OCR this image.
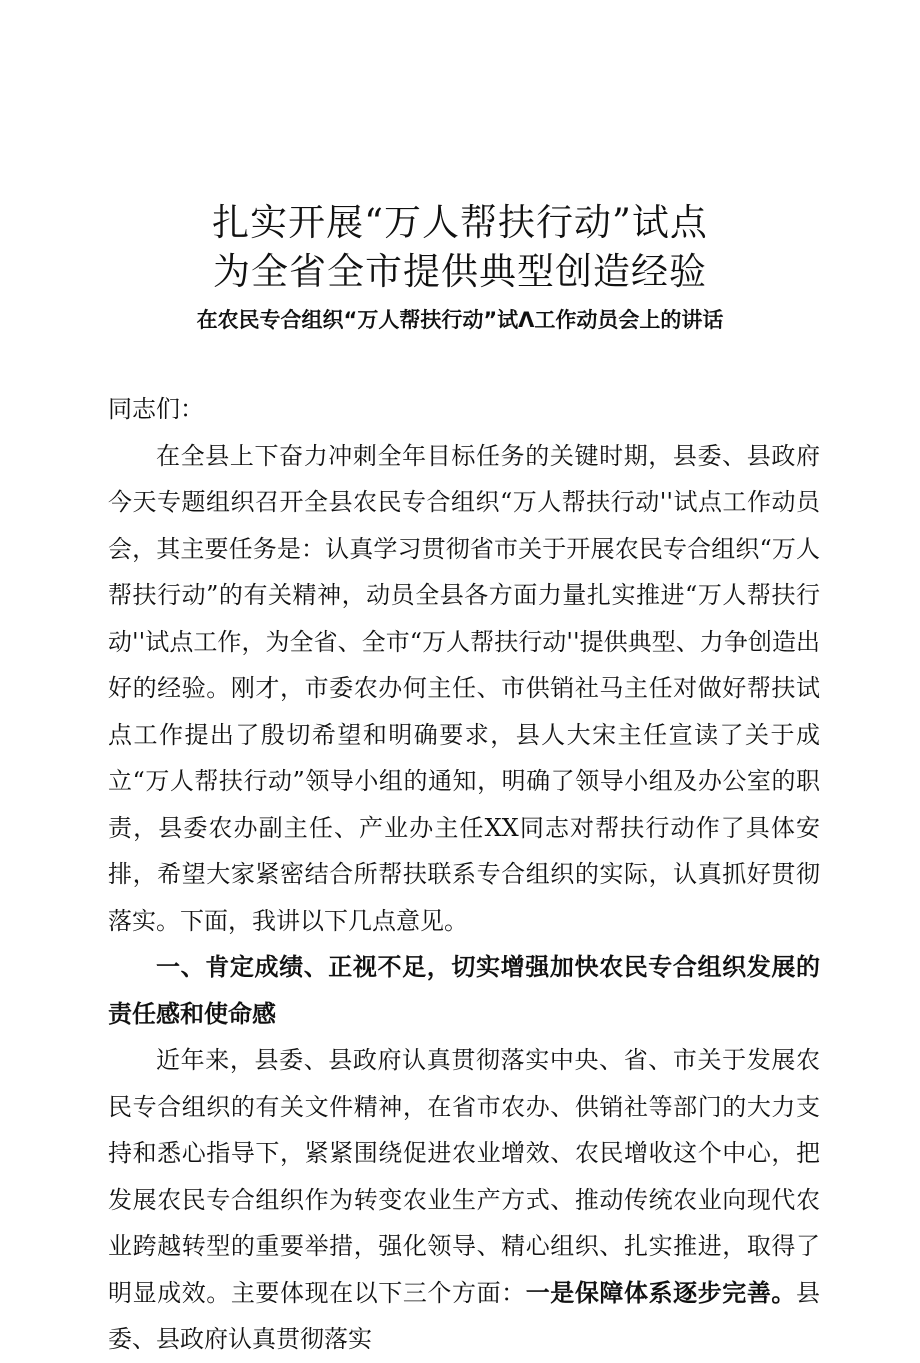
扎实开展“万人帮扶行动”试点
为全省全市提供典型创造经验
在农民专合组织“万人帮扶行动”试Λ工作动员会上的讲话

同志们：

在全县上下奋力冲刺全年目标任务的关键时期，县委、县政府今天专题组织召开全县农民专合组织“万人帮扶行动''试点工作动员会，其主要任务是：认真学习贯彻省市关于开展农民专合组织“万人帮扶行动”的有关精神，动员全县各方面力量扎实推进“万人帮扶行动''试点工作，为全省、全市“万人帮扶行动''提供典型、力争创造出好的经验。刚才，市委农办何主任、市供销社马主任对做好帮扶试点工作提出了殷切希望和明确要求，县人大宋主任宣读了关于成立“万人帮扶行动”领导小组的通知，明确了领导小组及办公室的职责，县委农办副主任、产业办主任XX同志对帮扶行动作了具体安排，希望大家紧密结合所帮扶联系专合组织的实际，认真抓好贯彻落实。下面，我讲以下几点意见。

一、肯定成绩、正视不足，切实增强加快农民专合组织发展的责任感和使命感

近年来，县委、县政府认真贯彻落实中央、省、市关于发展农民专合组织的有关文件精神，在省市农办、供销社等部门的大力支持和悉心指导下，紧紧围绕促进农业增效、农民增收这个中心，把发展农民专合组织作为转变农业生产方式、推动传统农业向现代农业跨越转型的重要举措，强化领导、精心组织、扎实推进，取得了明显成效。主要体现在以下三个方面：一是保障体系逐步完善。县委、县政府认真贯彻落实
